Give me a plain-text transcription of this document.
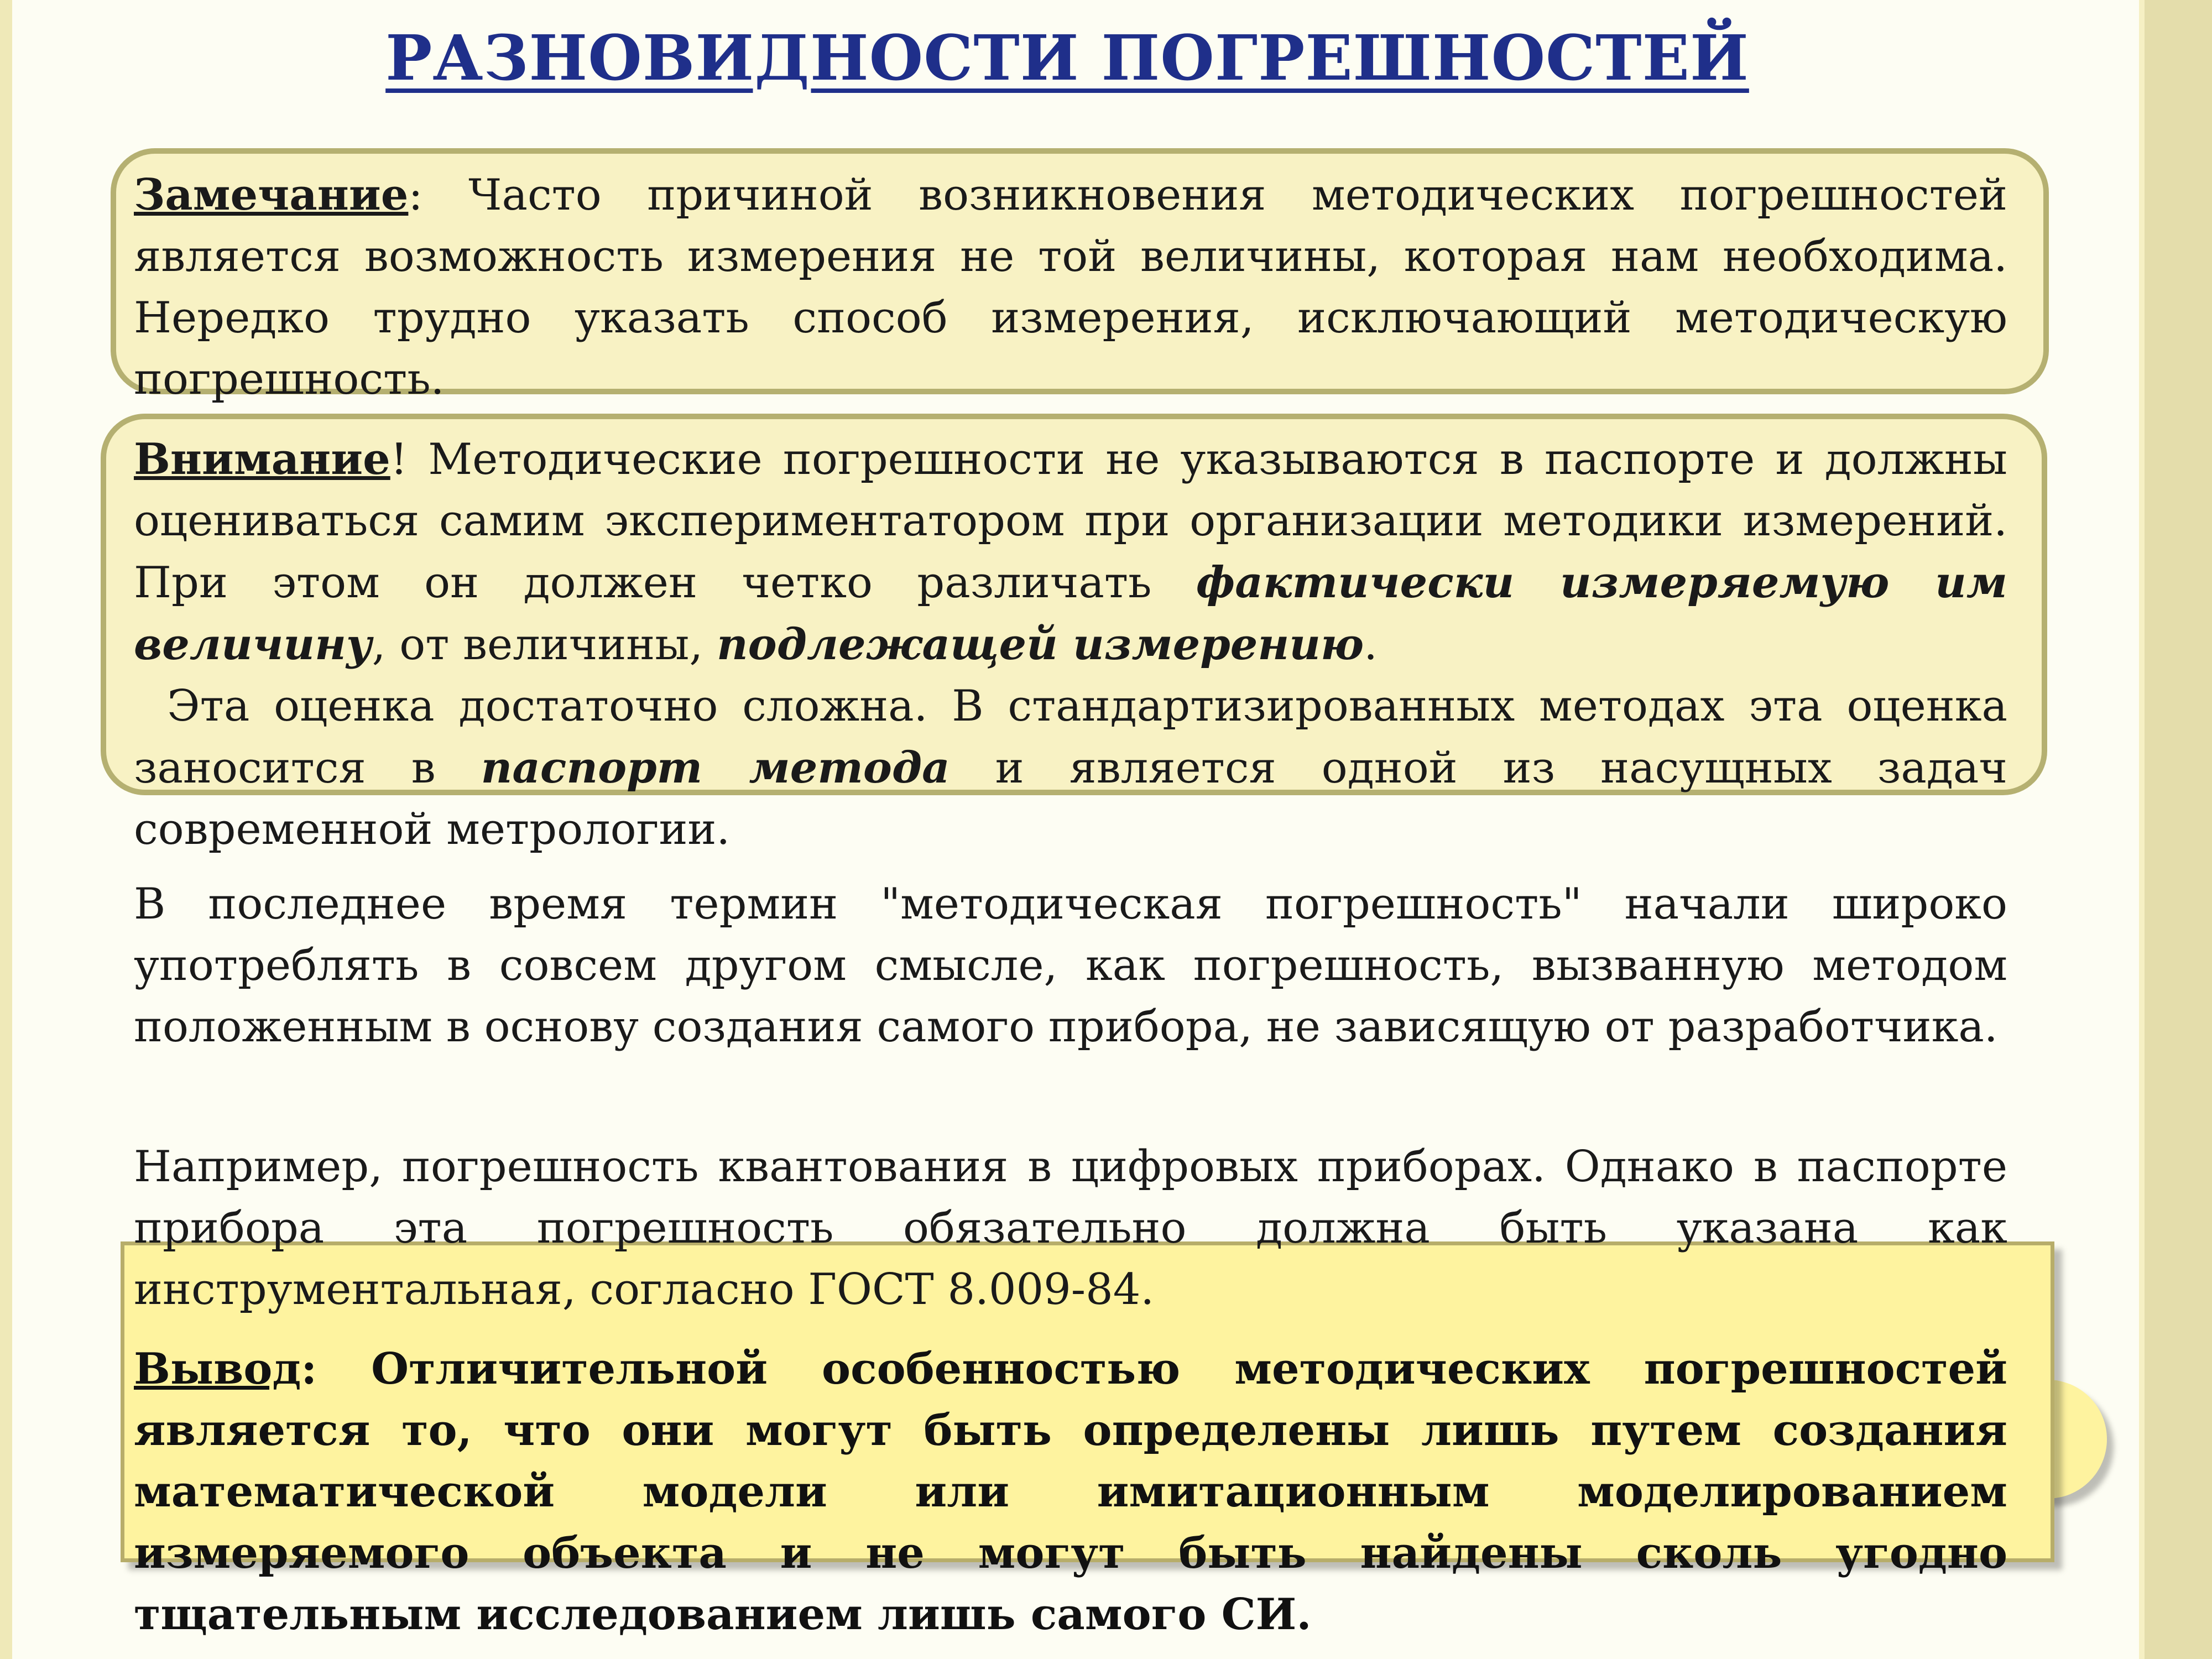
РАЗНОВИДНОСТИ ПОГРЕШНОСТЕЙ

Замечание: Часто причиной возникновения методических погрешностей является возможность измерения не той величины, которая нам необходима. Нередко трудно указать способ измерения, исключающий методическую погрешность.

Внимание! Методические погрешности не указываются в паспорте и должны оцениваться самим экспериментатором при организации методики измерений. При этом он должен четко различать фактически измеряемую им величину, от величины, подлежащей измерению.
Эта оценка достаточно сложна. В стандартизированных методах эта оценка заносится в паспорт метода и является одной из насущных задач современной метрологии.

В последнее время термин "методическая погрешность" начали широко употреблять в совсем другом смысле, как погрешность, вызванную методом положенным в основу создания самого прибора, не зависящую от разработчика.

Например, погрешность квантования в цифровых приборах. Однако в паспорте прибора эта погрешность обязательно должна быть указана как инструментальная, согласно ГОСТ 8.009-84.

Вывод: Отличительной особенностью методических погрешностей является то, что они могут быть определены лишь путем создания математической модели или имитационным моделированием измеряемого объекта и не могут быть найдены сколь угодно тщательным исследованием лишь самого СИ.
